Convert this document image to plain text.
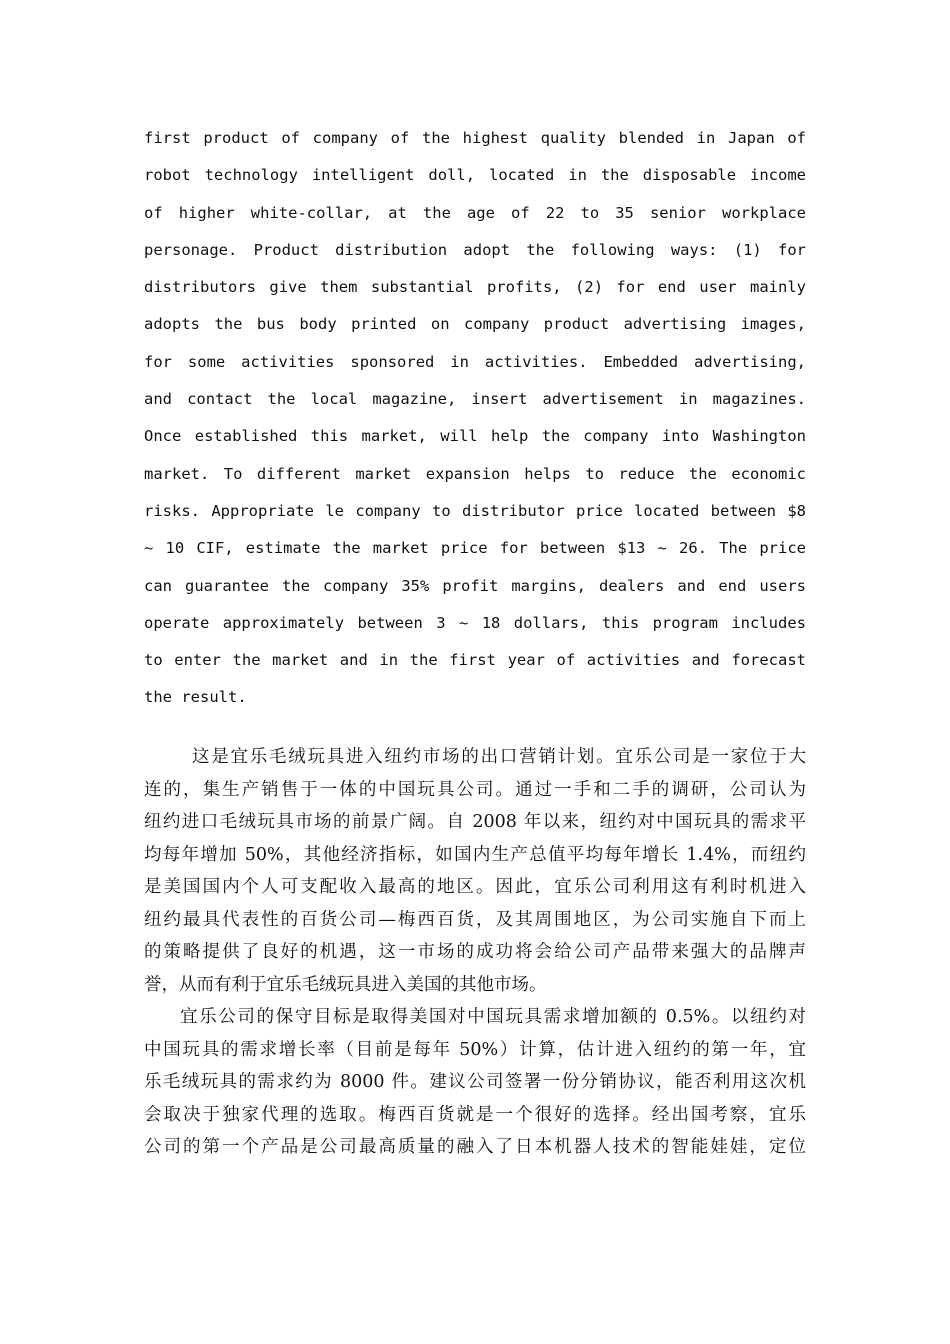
first product of company of the highest quality blended in Japan of
robot technology intelligent doll, located in the disposable income
of higher white-collar, at the age of 22 to 35 senior workplace
personage. Product distribution adopt the following ways: (1) for
distributors give them substantial profits, (2) for end user mainly
adopts the bus body printed on company product advertising images,
for some activities sponsored in activities. Embedded advertising,
and contact the local magazine, insert advertisement in magazines.
Once established this market, will help the company into Washington
market. To different market expansion helps to reduce the economic
risks. Appropriate le company to distributor price located between $8
~ 10 CIF, estimate the market price for between $13 ~ 26. The price
can guarantee the company 35% profit margins, dealers and end users
operate approximately between 3 ~ 18 dollars, this program includes
to enter the market and in the first year of activities and forecast
the result.
这是宜乐毛绒玩具进入纽约市场的出口营销计划。宜乐公司是一家位于大
连的，集生产销售于一体的中国玩具公司。通过一手和二手的调研，公司认为
纽约进口毛绒玩具市场的前景广阔。自 2008 年以来，纽约对中国玩具的需求平
均每年增加 50%，其他经济指标，如国内生产总值平均每年增长 1.4%，而纽约
是美国国内个人可支配收入最高的地区。因此，宜乐公司利用这有利时机进入
纽约最具代表性的百货公司—梅西百货，及其周围地区，为公司实施自下而上
的策略提供了良好的机遇，这一市场的成功将会给公司产品带来强大的品牌声
誉，从而有利于宜乐毛绒玩具进入美国的其他市场。
宜乐公司的保守目标是取得美国对中国玩具需求增加额的 0.5%。以纽约对
中国玩具的需求增长率（目前是每年 50%）计算，估计进入纽约的第一年，宜
乐毛绒玩具的需求约为 8000 件。建议公司签署一份分销协议，能否利用这次机
会取决于独家代理的选取。梅西百货就是一个很好的选择。经出国考察，宜乐
公司的第一个产品是公司最高质量的融入了日本机器人技术的智能娃娃，定位
